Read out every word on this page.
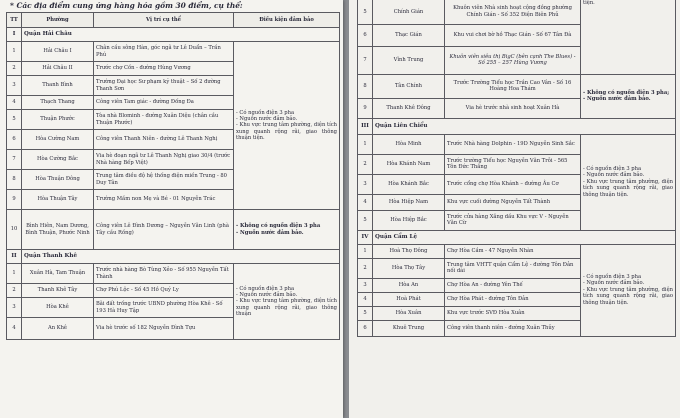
* Các địa điểm cung ứng hàng hóa gồm 30 điểm, cụ thể:
TT	Phường	Vị trí cụ thể	Điều kiện đảm bảo
I	Quận Hải Châu		
1	Hải Châu I	Chân cầu sông Hàn, góc ngã tư Lê Duẩn – Trần Phú	- Có nguồn điện 3 pha
- Nguồn nước đảm bảo.
- Khu vực trung tâm phường, diện tích xung quanh rộng rãi, giao thông thuận tiện.
2	Hải Châu II	Trước chợ Cồn - đường Hùng Vương	
3	Thanh Bình	Trường Đại học Sư phạm kỹ thuật – Số 2 đường Thanh Sơn	
4	Thạch Thang	Công viên Tam giác - đường Đống Đa	
5	Thuận Phước	Tòa nhà Blominh - đường Xuân Diệu (chân cầu Thuận Phước)	
6	Hòa Cường Nam	Công viên Thanh Niên - đường Lê Thanh Nghị	
7	Hòa Cường Bắc	Via hè đoạn ngã tư Lê Thanh Nghị giao 30/4 (trước Nhà hàng Bếp Việt)	
8	Hòa Thuận Đông	Trung tâm điều độ hệ thống điện miền Trung - 80 Duy Tân	
9	Hòa Thuận Tây	Trường Mầm non Mẹ và Bé - 01 Nguyễn Trác	
10	Bình Hiên, Nam Dương, Bình Thuận, Phước Ninh	Công viên Lê Đình Dương – Nguyễn Văn Linh (phà Tây cầu Rồng)	- Không có nguồn điện 3 pha
- Nguồn nước đảm bảo.
II	Quận Thanh Khê		
1	Xuân Hà, Tam Thuận	Trước nhà hàng Bò Tùng Xẻo - Số 955 Nguyễn Tất Thành	- Có nguồn điện 3 pha
- Nguồn nước đảm bảo.
- Khu vực trung tâm phường, diện tích xung quanh rộng rãi, giao thông thuận
2	Thanh Khê Tây	Chợ Phú Lộc - Số 45 Hồ Quý Ly	
3	Hòa Khê	Bãi đất trống trước UBND phường Hòa Khê - Số 193 Hà Huy Tập	
4	An Khê	Via hè trước số 182 Nguyễn Đình Tựu	
5	Chính Gián	Khuôn viên Nhà sinh hoạt cộng đồng phường Chính Gián - Số 352 Điện Biên Phủ	tiện.
6	Thạc Gián	Khu vui chơi bờ hồ Thạc Gián - Số 67 Tân Đà	
7	Vĩnh Trung	Khuôn viên siêu thị BigC (bên cạnh The Blues) - Số 255 – 257 Hùng Vương	
8	Tân Chính	Trước Trường Tiểu học Trần Cao Vân - Số 16 Hoàng Hoa Thám	- Không có nguồn điện 3 pha;
- Nguồn nước đảm bảo.
9	Thanh Khê Đông	Via hè trước nhà sinh hoạt Xuân Hà	
III	Quận Liên Chiểu		
1	Hòa Minh	Trước Nhà hàng Dolphin - 19D Nguyễn Sinh Sắc	- Có nguồn điện 3 pha
- Nguồn nước đảm bảo.
- Khu vực trung tâm phường, diện tích xung quanh rộng rãi, giao thông thuận tiện.
2	Hòa Khánh Nam	Trước trường Tiểu học Nguyễn Văn Trỗi - 565 Tôn Đức Thắng	
3	Hòa Khánh Bắc	Trước cổng chợ Hòa Khánh – đường Âu Cơ	
4	Hòa Hiệp Nam	Khu vực cuối đường Nguyễn Tất Thành	
5	Hòa Hiệp Bắc	Trước cửa hàng Xăng dầu Khu vực V - Nguyễn Văn Cừ	
IV	Quận Cẩm Lệ		
1	Hoà Thọ Đông	Chợ Hòa Cầm - 47 Nguyễn Nhàn	- Có nguồn điện 3 pha
- Nguồn nước đảm bảo.
- Khu vực trung tâm phường, diện tích xung quanh rộng rãi, giao thông thuận tiện.
2	Hòa Thọ Tây	Trung tâm VHTT quận Cẩm Lệ - đường Tôn Đản nối dài	
3	Hòa An	Chợ Hòa An - đường Yên Thế	
4	Hoà Phát	Chợ Hòa Phát - đường Tôn Đản	
5	Hòa Xuân	Khu vực trước SVĐ Hòa Xuân	
6	Khuê Trung	Công viên thanh niên - đường Xuân Thủy	
